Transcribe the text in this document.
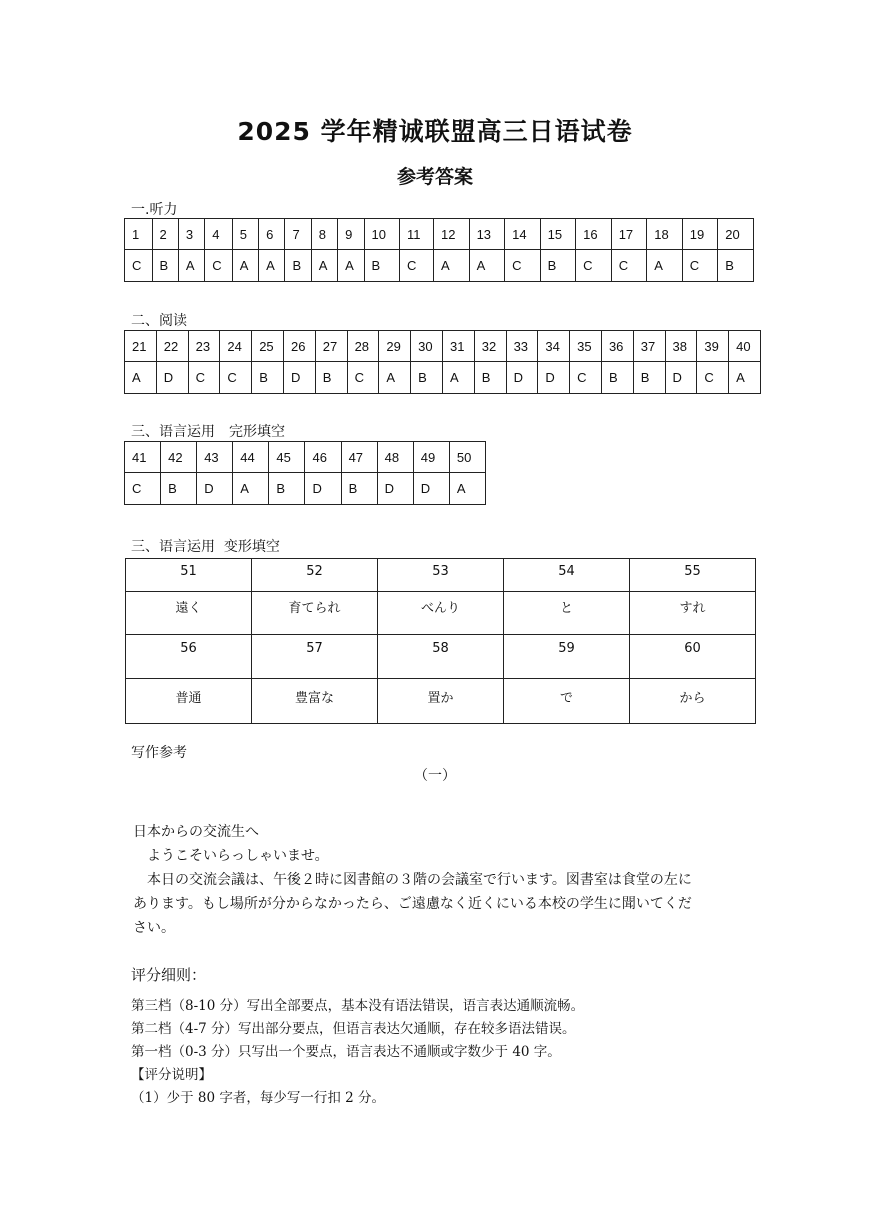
2025 学年精诚联盟高三日语试卷
参考答案
一.听力
1	2	3	4	5	6	7	8	9	10	11	12	13	14	15	16	17	18	19	20
C	B	A	C	A	A	B	A	A	B	C	A	A	C	B	C	C	A	C	B
二、阅读
21	22	23	24	25	26	27	28	29	30	31	32	33	34	35	36	37	38	39	40
A	D	C	C	B	D	B	C	A	B	A	B	D	D	C	B	B	D	C	A
三、语言运用　完形填空
41	42	43	44	45	46	47	48	49	50
C	B	D	A	B	D	B	D	D	A
三、语言运用  变形填空
51	52	53	54	55
遠く	育てられ	べんり	と	すれ
56	57	58	59	60
普通	豊富な	置か	で	から
写作参考
（一）
日本からの交流生へ
ようこそいらっしゃいませ。
本日の交流会議は、午後２時に図書館の３階の会議室で行います。図書室は食堂の左に
あります。もし場所が分からなかったら、ご遠慮なく近くにいる本校の学生に聞いてくだ
さい。
评分细则：
第三档（8-10 分）写出全部要点，基本没有语法错误，语言表达通顺流畅。
第二档（4-7 分）写出部分要点，但语言表达欠通顺，存在较多语法错误。
第一档（0-3 分）只写出一个要点，语言表达不通顺或字数少于 40 字。
【评分说明】
（1）少于 80 字者，每少写一行扣 2 分。
